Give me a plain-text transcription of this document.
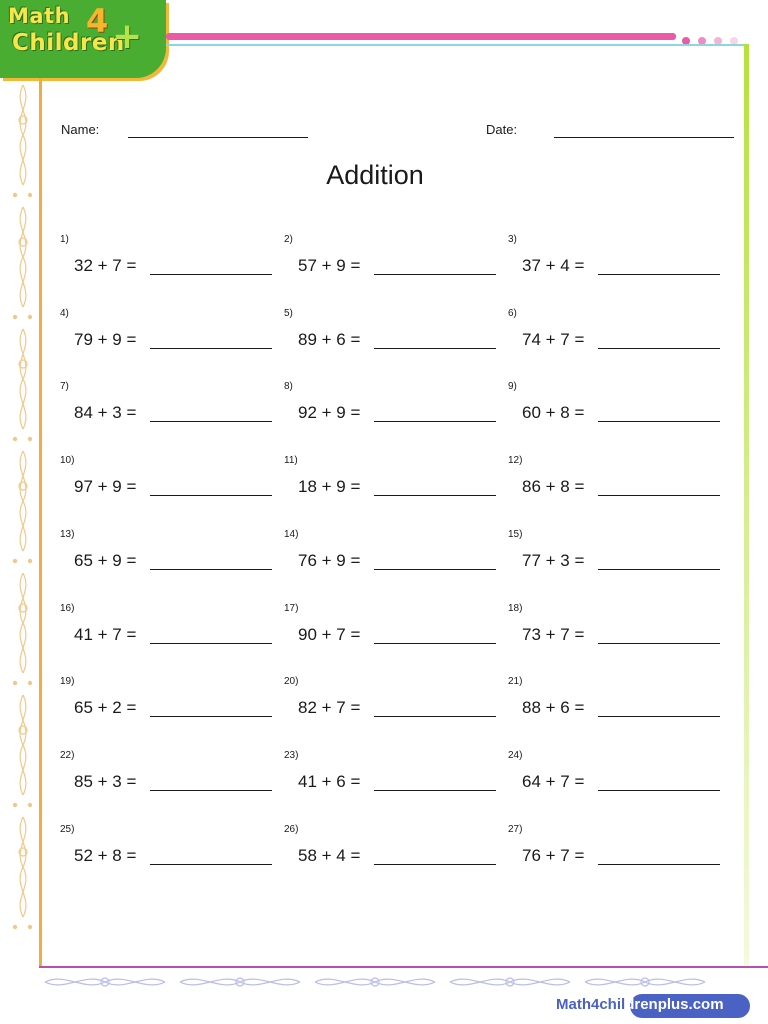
Math 4
Children
+
Math4childrenplus.com
Name:	Date:
Addition
1)
32 + 7 =
2)
57 + 9 =
3)
37 + 4 =
4)
79 + 9 =
5)
89 + 6 =
6)
74 + 7 =
7)
84 + 3 =
8)
92 + 9 =
9)
60 + 8 =
10)
97 + 9 =
11)
18 + 9 =
12)
86 + 8 =
13)
65 + 9 =
14)
76 + 9 =
15)
77 + 3 =
16)
41 + 7 =
17)
90 + 7 =
18)
73 + 7 =
19)
65 + 2 =
20)
82 + 7 =
21)
88 + 6 =
22)
85 + 3 =
23)
41 + 6 =
24)
64 + 7 =
25)
52 + 8 =
26)
58 + 4 =
27)
76 + 7 =
